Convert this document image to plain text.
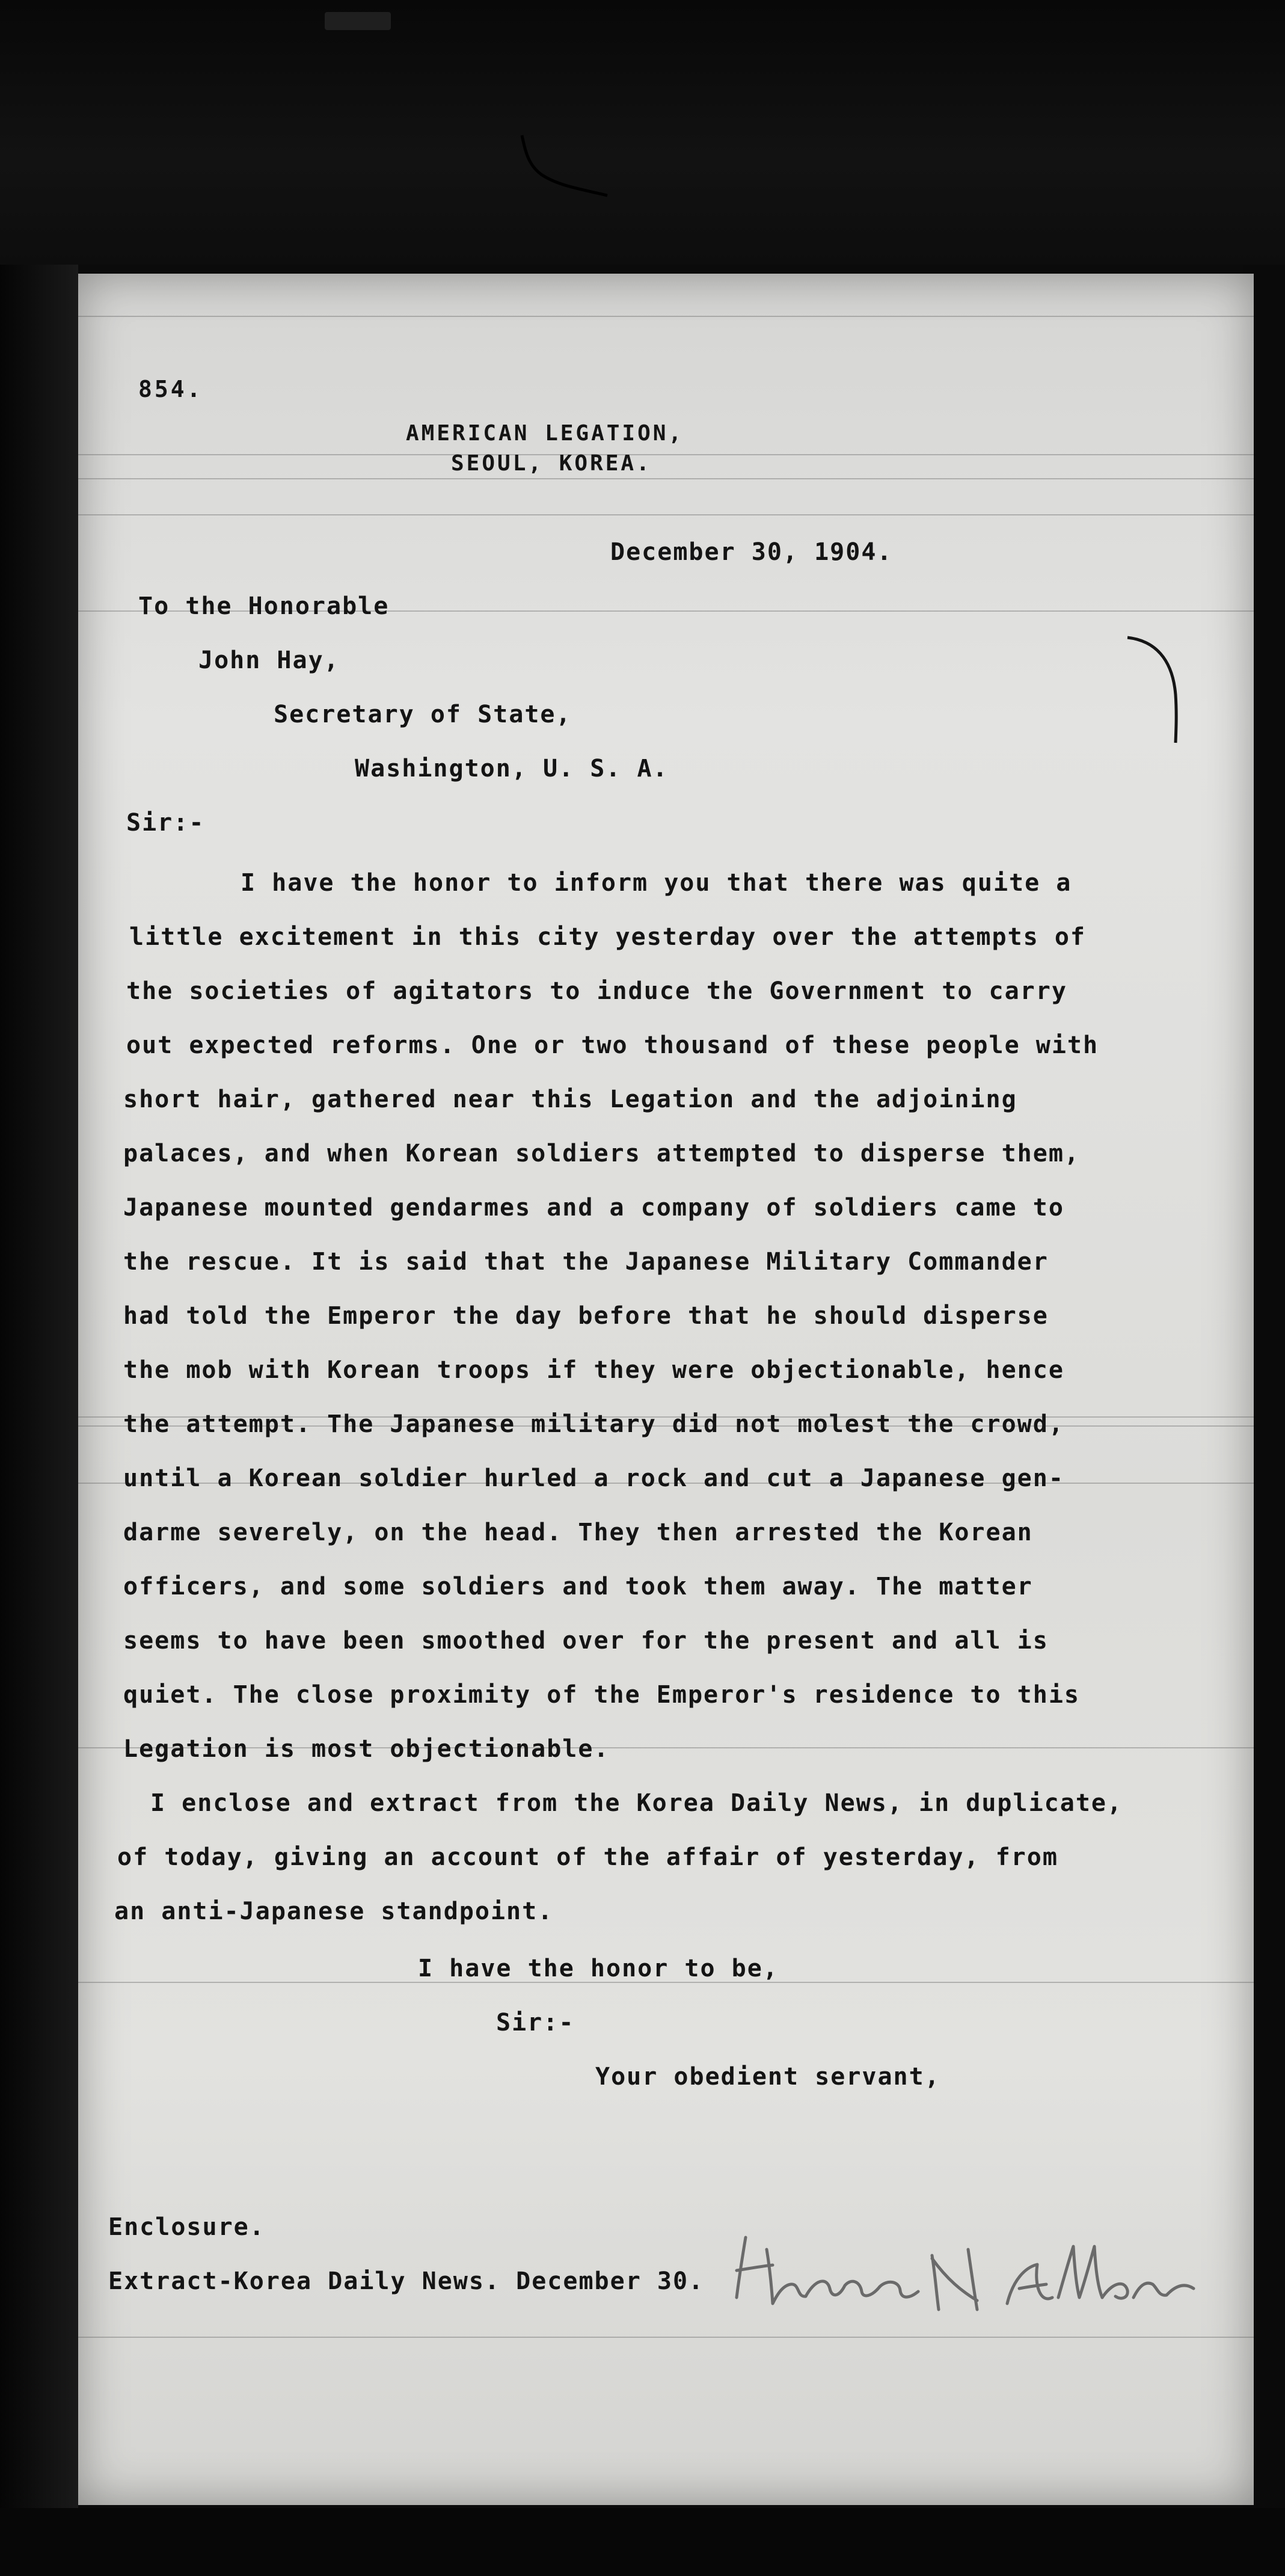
854.
AMERICAN LEGATION,
SEOUL, KOREA.
December 30, 1904.
To the Honorable
John Hay,
Secretary of State,
Washington, U. S. A.
Sir:-
I have the honor to inform you that there was quite a
little excitement in this city yesterday over the attempts of
the societies of agitators to induce the Government to carry
out expected reforms. One or two thousand of these people with
short hair, gathered near this Legation and the adjoining
palaces, and when Korean soldiers attempted to disperse them,
Japanese mounted gendarmes and a company of soldiers came to
the rescue. It is said that the Japanese Military Commander
had told the Emperor the day before that he should disperse
the mob with Korean troops if they were objectionable, hence
the attempt. The Japanese military did not molest the crowd,
until a Korean soldier hurled a rock and cut a Japanese gen-
darme severely, on the head. They then arrested the Korean
officers, and some soldiers and took them away. The matter
seems to have been smoothed over for the present and all is
quiet. The close proximity of the Emperor's residence to this
Legation is most objectionable.
I enclose and extract from the Korea Daily News, in duplicate,
of today, giving an account of the affair of yesterday, from
an anti-Japanese standpoint.
I have the honor to be,
Sir:-
Your obedient servant,
Enclosure.
Extract-Korea Daily News. December 30.
